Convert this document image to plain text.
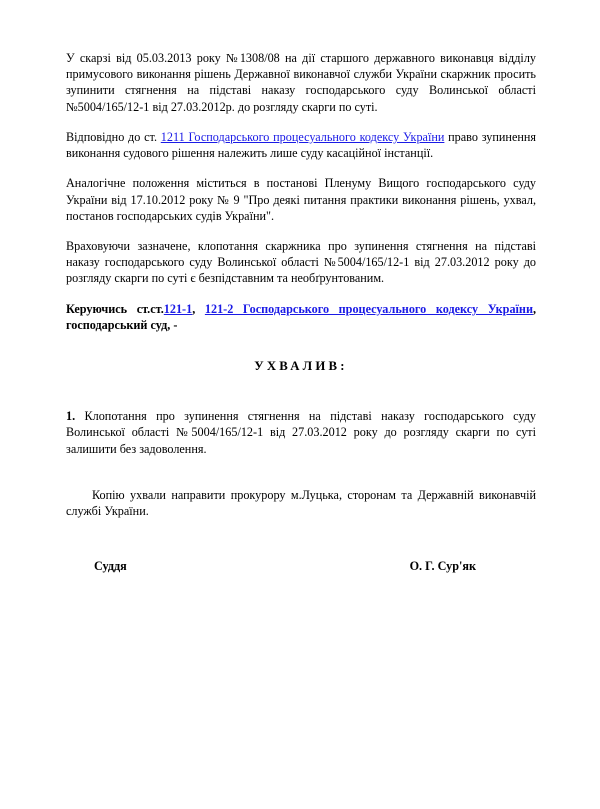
У скарзі від 05.03.2013 року №1308/08 на дії старшого державного виконавця відділу примусового виконання рішень Державної виконавчої служби України скаржник просить зупинити стягнення на підставі наказу господарського суду Волинської області №5004/165/12-1 від 27.03.2012р. до розгляду скарги по суті.

Відповідно до ст. 1211 Господарського процесуального кодексу України право зупинення виконання судового рішення належить лише суду касаційної інстанції.

Аналогічне положення міститься в постанові Пленуму Вищого господарського суду України від 17.10.2012 року № 9 "Про деякі питання практики виконання рішень, ухвал, постанов господарських судів України".

Враховуючи зазначене, клопотання скаржника про зупинення стягнення на підставі наказу господарського суду Волинської області №5004/165/12-1 від 27.03.2012 року до розгляду скарги по суті є безпідставним та необґрунтованим.

Керуючись ст.ст.121-1, 121-2 Господарського процесуального кодексу України, господарський суд, -

УХВАЛИВ:

1. Клопотання про зупинення стягнення на підставі наказу господарського суду Волинської області №5004/165/12-1 від 27.03.2012 року до розгляду скарги по суті залишити без задоволення.

Копію ухвали направити прокурору м.Луцька, сторонам та Державній виконавчій службі України.

Суддя	О. Г. Сур'як
